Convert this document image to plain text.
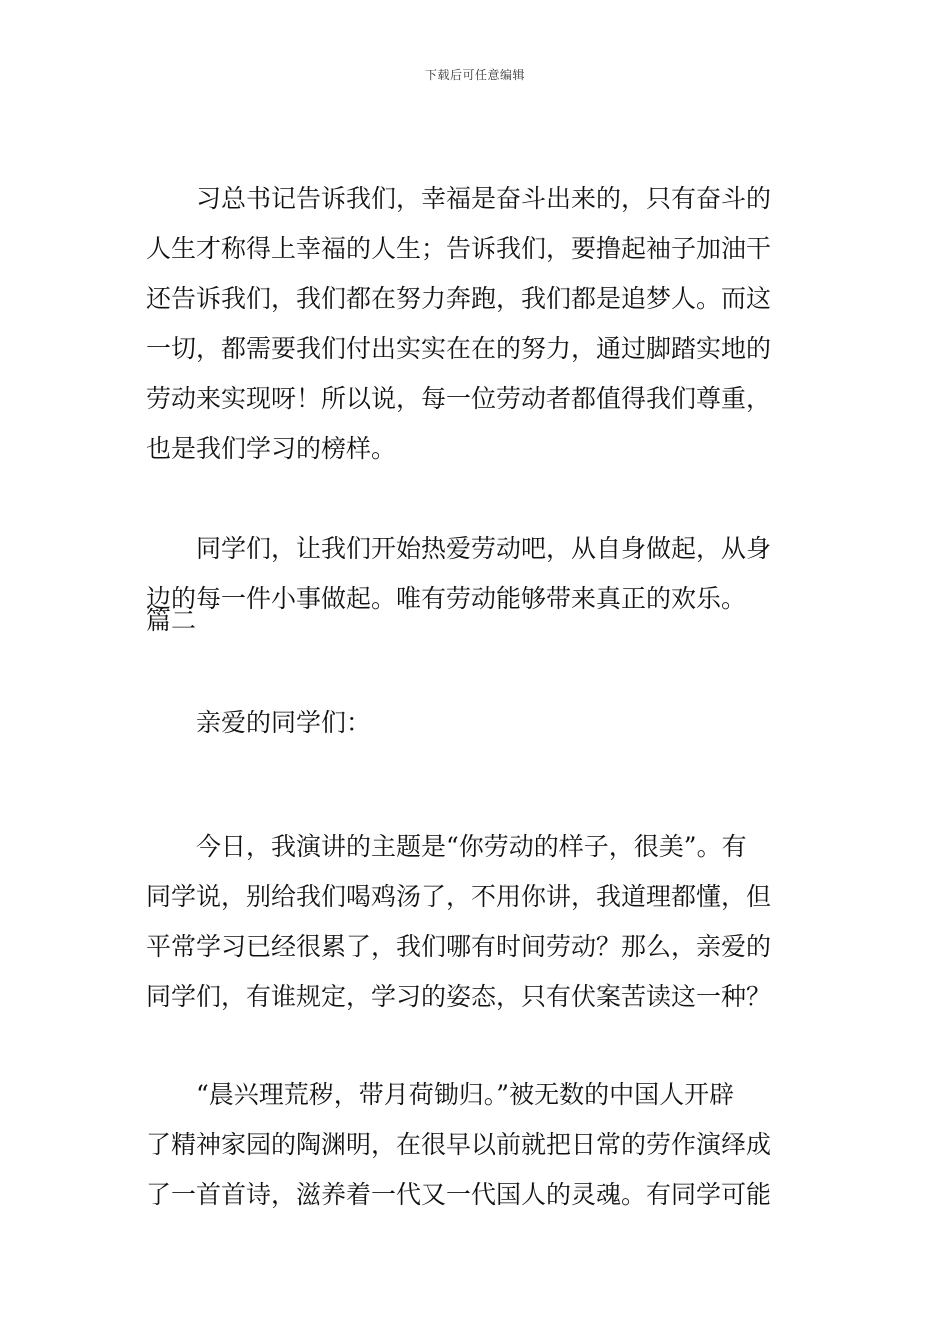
下载后可任意编辑
习总书记告诉我们，幸福是奋斗出来的，只有奋斗的
人生才称得上幸福的人生；告诉我们，要撸起袖子加油干
还告诉我们，我们都在努力奔跑，我们都是追梦人。而这
一切，都需要我们付出实实在在的努力，通过脚踏实地的
劳动来实现呀！所以说，每一位劳动者都值得我们尊重，
也是我们学习的榜样。
同学们，让我们开始热爱劳动吧，从自身做起，从身
边的每一件小事做起。唯有劳动能够带来真正的欢乐。
篇二
亲爱的同学们：
今日，我演讲的主题是“你劳动的样子，很美”。有
同学说，别给我们喝鸡汤了，不用你讲，我道理都懂，但
平常学习已经很累了，我们哪有时间劳动？那么，亲爱的
同学们，有谁规定，学习的姿态，只有伏案苦读这一种？
“晨兴理荒秽，带月荷锄归。”被无数的中国人开辟
了精神家园的陶渊明，在很早以前就把日常的劳作演绎成
了一首首诗，滋养着一代又一代国人的灵魂。有同学可能
